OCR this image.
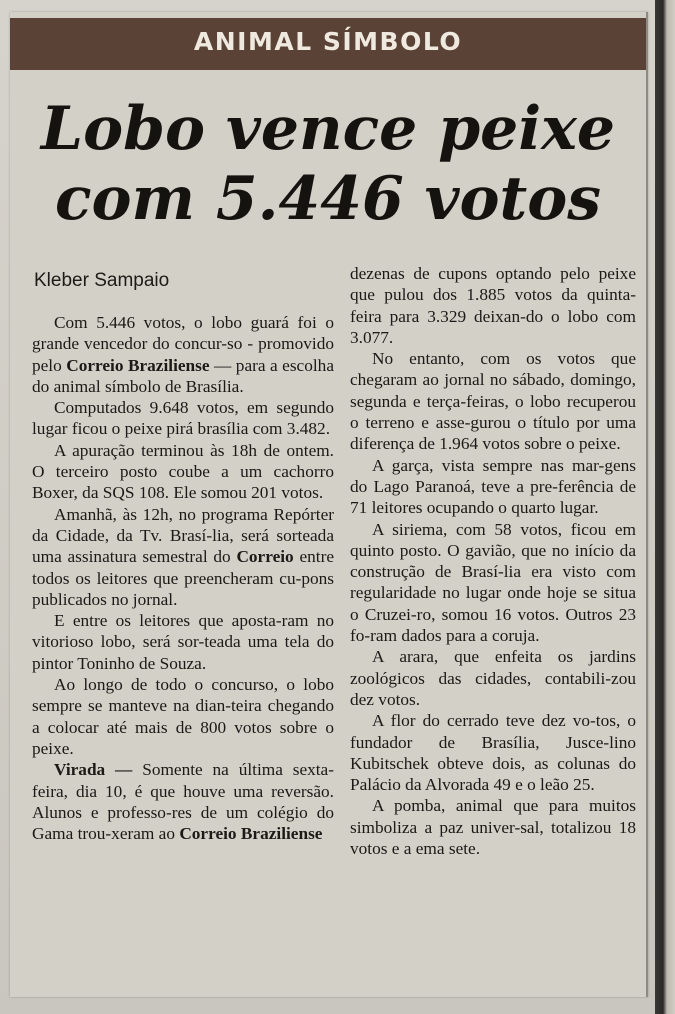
ANIMAL SÍMBOLO
Lobo vence peixe
com 5.446 votos
Kleber Sampaio

Com 5.446 votos, o lobo guará foi o grande vencedor do concur-so - promovido pelo Correio Braziliense — para a escolha do animal símbolo de Brasília.

Computados 9.648 votos, em segundo lugar ficou o peixe pirá brasília com 3.482.

A apuração terminou às 18h de ontem. O terceiro posto coube a um cachorro Boxer, da SQS 108. Ele somou 201 votos.

Amanhã, às 12h, no programa Repórter da Cidade, da Tv. Brasí-lia, será sorteada uma assinatura semestral do Correio entre todos os leitores que preencheram cu-pons publicados no jornal.

E entre os leitores que aposta-ram no vitorioso lobo, será sor-teada uma tela do pintor Toninho de Souza.

Ao longo de todo o concurso, o lobo sempre se manteve na dian-teira chegando a colocar até mais de 800 votos sobre o peixe.

Virada — Somente na última sexta-feira, dia 10, é que houve uma reversão. Alunos e professo-res de um colégio do Gama trou-xeram ao Correio Braziliense

dezenas de cupons optando pelo peixe que pulou dos 1.885 votos da quinta-feira para 3.329 deixan-do o lobo com 3.077.

No entanto, com os votos que chegaram ao jornal no sábado, domingo, segunda e terça-feiras, o lobo recuperou o terreno e asse-gurou o título por uma diferença de 1.964 votos sobre o peixe.

A garça, vista sempre nas mar-gens do Lago Paranoá, teve a pre-ferência de 71 leitores ocupando o quarto lugar.

A siriema, com 58 votos, ficou em quinto posto. O gavião, que no início da construção de Brasí-lia era visto com regularidade no lugar onde hoje se situa o Cruzei-ro, somou 16 votos. Outros 23 fo-ram dados para a coruja.

A arara, que enfeita os jardins zoológicos das cidades, contabili-zou dez votos.

A flor do cerrado teve dez vo-tos, o fundador de Brasília, Jusce-lino Kubitschek obteve dois, as colunas do Palácio da Alvorada 49 e o leão 25.

A pomba, animal que para muitos simboliza a paz univer-sal, totalizou 18 votos e a ema sete.
